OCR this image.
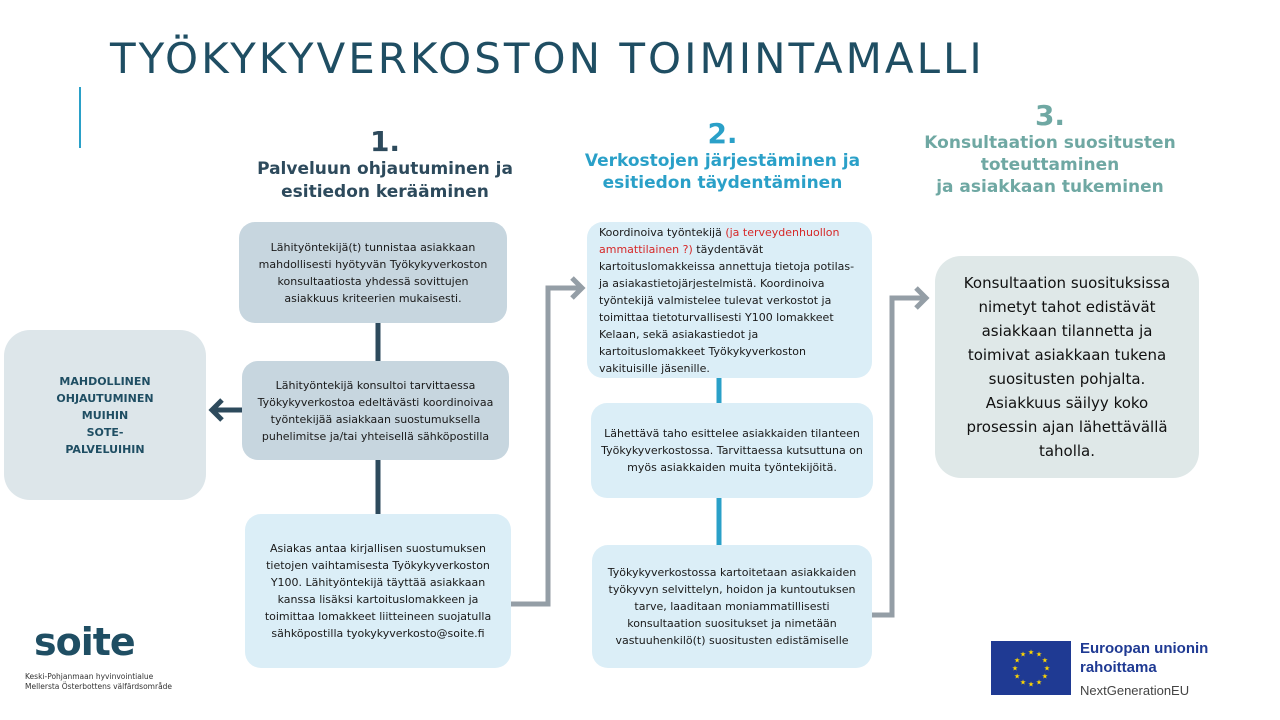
TYÖKYKYVERKOSTON TOIMINTAMALLI
1.
Palveluun ohjautuminen ja
esitiedon kerääminen
2.
Verkostojen järjestäminen ja
esitiedon täydentäminen
3.
Konsultaation suositusten
toteuttaminen
ja asiakkaan tukeminen
Lähityöntekijä(t) tunnistaa asiakkaan mahdollisesti hyötyvän Työkykyverkoston konsultaatiosta yhdessä sovittujen asiakkuus kriteerien mukaisesti.
Lähityöntekijä konsultoi tarvittaessa Työkykyverkostoa edeltävästi koordinoivaa työntekijää asiakkaan suostumuksella puhelimitse ja/tai yhteisellä sähköpostilla
Asiakas antaa kirjallisen suostumuksen tietojen vaihtamisesta Työkykyverkoston Y100. Lähityöntekijä täyttää asiakkaan kanssa lisäksi kartoituslomakkeen ja toimittaa lomakkeet liitteineen suojatulla sähköpostilla tyokykyverkosto@soite.fi
Koordinoiva työntekijä (ja terveydenhuollon ammattilainen ?) täydentävät kartoituslomakkeissa annettuja tietoja potilas- ja asiakastietojärjestelmistä. Koordinoiva työntekijä valmistelee tulevat verkostot ja toimittaa tietoturvallisesti Y100 lomakkeet Kelaan, sekä asiakastiedot ja kartoituslomakkeet Työkykyverkoston vakituisille jäsenille.
Lähettävä taho esittelee asiakkaiden tilanteen Työkykyverkostossa. Tarvittaessa kutsuttuna on myös asiakkaiden muita työntekijöitä.
Työkykyverkostossa kartoitetaan asiakkaiden työkyvyn selvittelyn, hoidon ja kuntoutuksen tarve, laaditaan moniammatillisesti konsultaation suositukset ja nimetään vastuuhenkilö(t) suositusten edistämiselle
MAHDOLLINEN OHJAUTUMINEN
MUIHIN
SOTE-
PALVELUIHIN
Konsultaation suosituksissa nimetyt tahot edistävät asiakkaan tilannetta ja toimivat asiakkaan tukena suositusten pohjalta. Asiakkuus säilyy koko prosessin ajan lähettävällä taholla.
soite
Keski-Pohjanmaan hyvinvointialue
Mellersta Österbottens välfärdsområde
★
★
★
★
★
★
★
★
★ ★ ★
★
Euroopan unionin
rahoittama
NextGenerationEU
